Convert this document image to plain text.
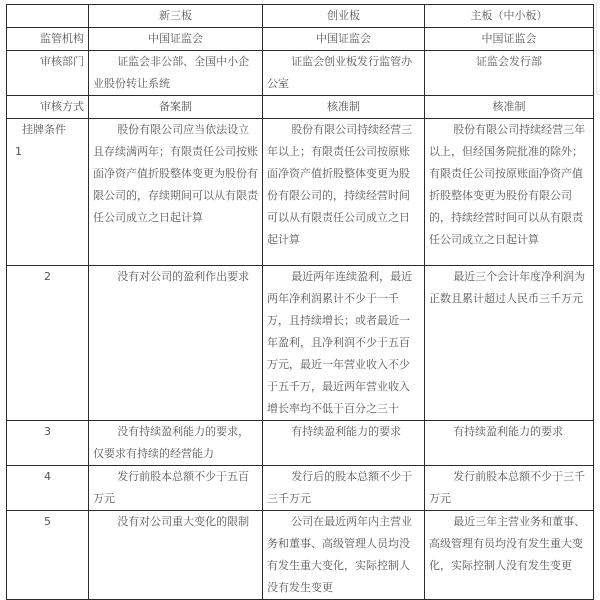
	新三板	创业板	主板（中小板）
监管机构	中国证监会	中国证监会	中国证监会
审核部门	证监会非公部、全国中小企业股份转让系统	证监会创业板发行监管办公室	证监会发行部
审核方式	备案制	核准制	核准制

挂牌条件
1	股份有限公司应当依法设立且存续满两年；有限责任公司按账面净资产值折股整体变更为股份有限公司的，存续期间可以从有限责任公司成立之日起计算	股份有限公司持续经营三年以上；有限责任公司按原账面净资产值折股整体变更为股份有限公司的，持续经营时间可以从有限责任公司成立之日起计算	股份有限公司持续经营三年以上，但经国务院批准的除外；有限责任公司按原账面净资产值折股整体变更为股份有限公司的，持续经营时间可以从有限责任公司成立之日起计算
2	没有对公司的盈利作出要求	最近两年连续盈利，最近两年净利润累计不少于一千万，且持续增长；或者最近一年盈利，且净利润不少于五百万元，最近一年营业收入不少于五千万，最近两年营业收入增长率均不低于百分之三十	最近三个会计年度净利润为正数且累计超过人民币三千万元
3	没有持续盈利能力的要求，仅要求有持续的经营能力	有持续盈利能力的要求	有持续盈利能力的要求
4	发行前股本总额不少于五百万元	发行后的股本总额不少于三千万元	发行前股本总额不少于三千万元
5	没有对公司重大变化的限制	公司在最近两年内主营业务和董事、高级管理人员均没有发生重大变化，实际控制人没有发生变更	最近三年主营业务和董事、高级管理有员均没有发生重大变化，实际控制人没有发生变更
